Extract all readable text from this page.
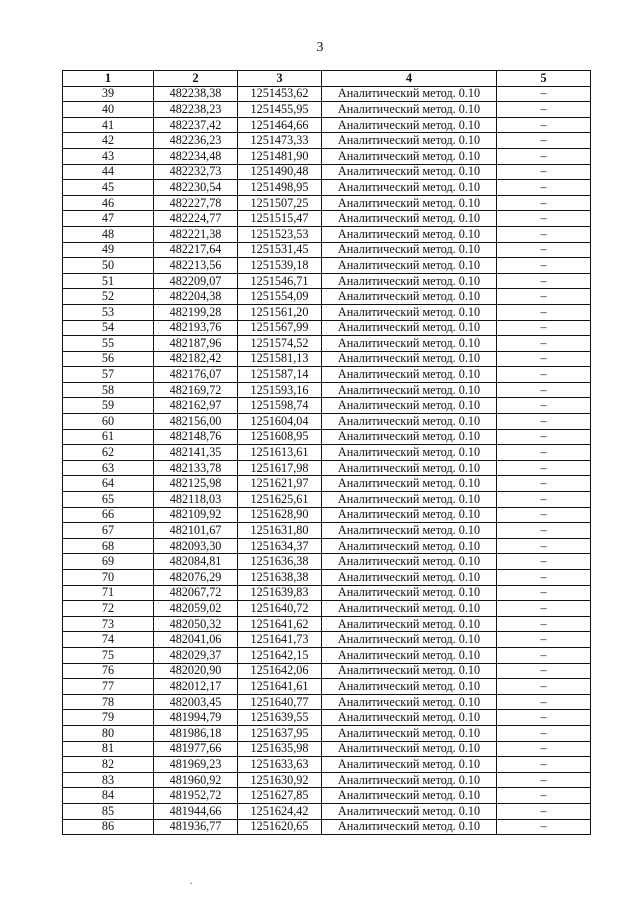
3
1	2	3	4	5
39	482238,38	1251453,62	Аналитический метод. 0.10	–
40	482238,23	1251455,95	Аналитический метод. 0.10	–
41	482237,42	1251464,66	Аналитический метод. 0.10	–
42	482236,23	1251473,33	Аналитический метод. 0.10	–
43	482234,48	1251481,90	Аналитический метод. 0.10	–
44	482232,73	1251490,48	Аналитический метод. 0.10	–
45	482230,54	1251498,95	Аналитический метод. 0.10	–
46	482227,78	1251507,25	Аналитический метод. 0.10	–
47	482224,77	1251515,47	Аналитический метод. 0.10	–
48	482221,38	1251523,53	Аналитический метод. 0.10	–
49	482217,64	1251531,45	Аналитический метод. 0.10	–
50	482213,56	1251539,18	Аналитический метод. 0.10	–
51	482209,07	1251546,71	Аналитический метод. 0.10	–
52	482204,38	1251554,09	Аналитический метод. 0.10	–
53	482199,28	1251561,20	Аналитический метод. 0.10	–
54	482193,76	1251567,99	Аналитический метод. 0.10	–
55	482187,96	1251574,52	Аналитический метод. 0.10	–
56	482182,42	1251581,13	Аналитический метод. 0.10	–
57	482176,07	1251587,14	Аналитический метод. 0.10	–
58	482169,72	1251593,16	Аналитический метод. 0.10	–
59	482162,97	1251598,74	Аналитический метод. 0.10	–
60	482156,00	1251604,04	Аналитический метод. 0.10	–
61	482148,76	1251608,95	Аналитический метод. 0.10	–
62	482141,35	1251613,61	Аналитический метод. 0.10	–
63	482133,78	1251617,98	Аналитический метод. 0.10	–
64	482125,98	1251621,97	Аналитический метод. 0.10	–
65	482118,03	1251625,61	Аналитический метод. 0.10	–
66	482109,92	1251628,90	Аналитический метод. 0.10	–
67	482101,67	1251631,80	Аналитический метод. 0.10	–
68	482093,30	1251634,37	Аналитический метод. 0.10	–
69	482084,81	1251636,38	Аналитический метод. 0.10	–
70	482076,29	1251638,38	Аналитический метод. 0.10	–
71	482067,72	1251639,83	Аналитический метод. 0.10	–
72	482059,02	1251640,72	Аналитический метод. 0.10	–
73	482050,32	1251641,62	Аналитический метод. 0.10	–
74	482041,06	1251641,73	Аналитический метод. 0.10	–
75	482029,37	1251642,15	Аналитический метод. 0.10	–
76	482020,90	1251642,06	Аналитический метод. 0.10	–
77	482012,17	1251641,61	Аналитический метод. 0.10	–
78	482003,45	1251640,77	Аналитический метод. 0.10	–
79	481994,79	1251639,55	Аналитический метод. 0.10	–
80	481986,18	1251637,95	Аналитический метод. 0.10	–
81	481977,66	1251635,98	Аналитический метод. 0.10	–
82	481969,23	1251633,63	Аналитический метод. 0.10	–
83	481960,92	1251630,92	Аналитический метод. 0.10	–
84	481952,72	1251627,85	Аналитический метод. 0.10	–
85	481944,66	1251624,42	Аналитический метод. 0.10	–
86	481936,77	1251620,65	Аналитический метод. 0.10	–
.
